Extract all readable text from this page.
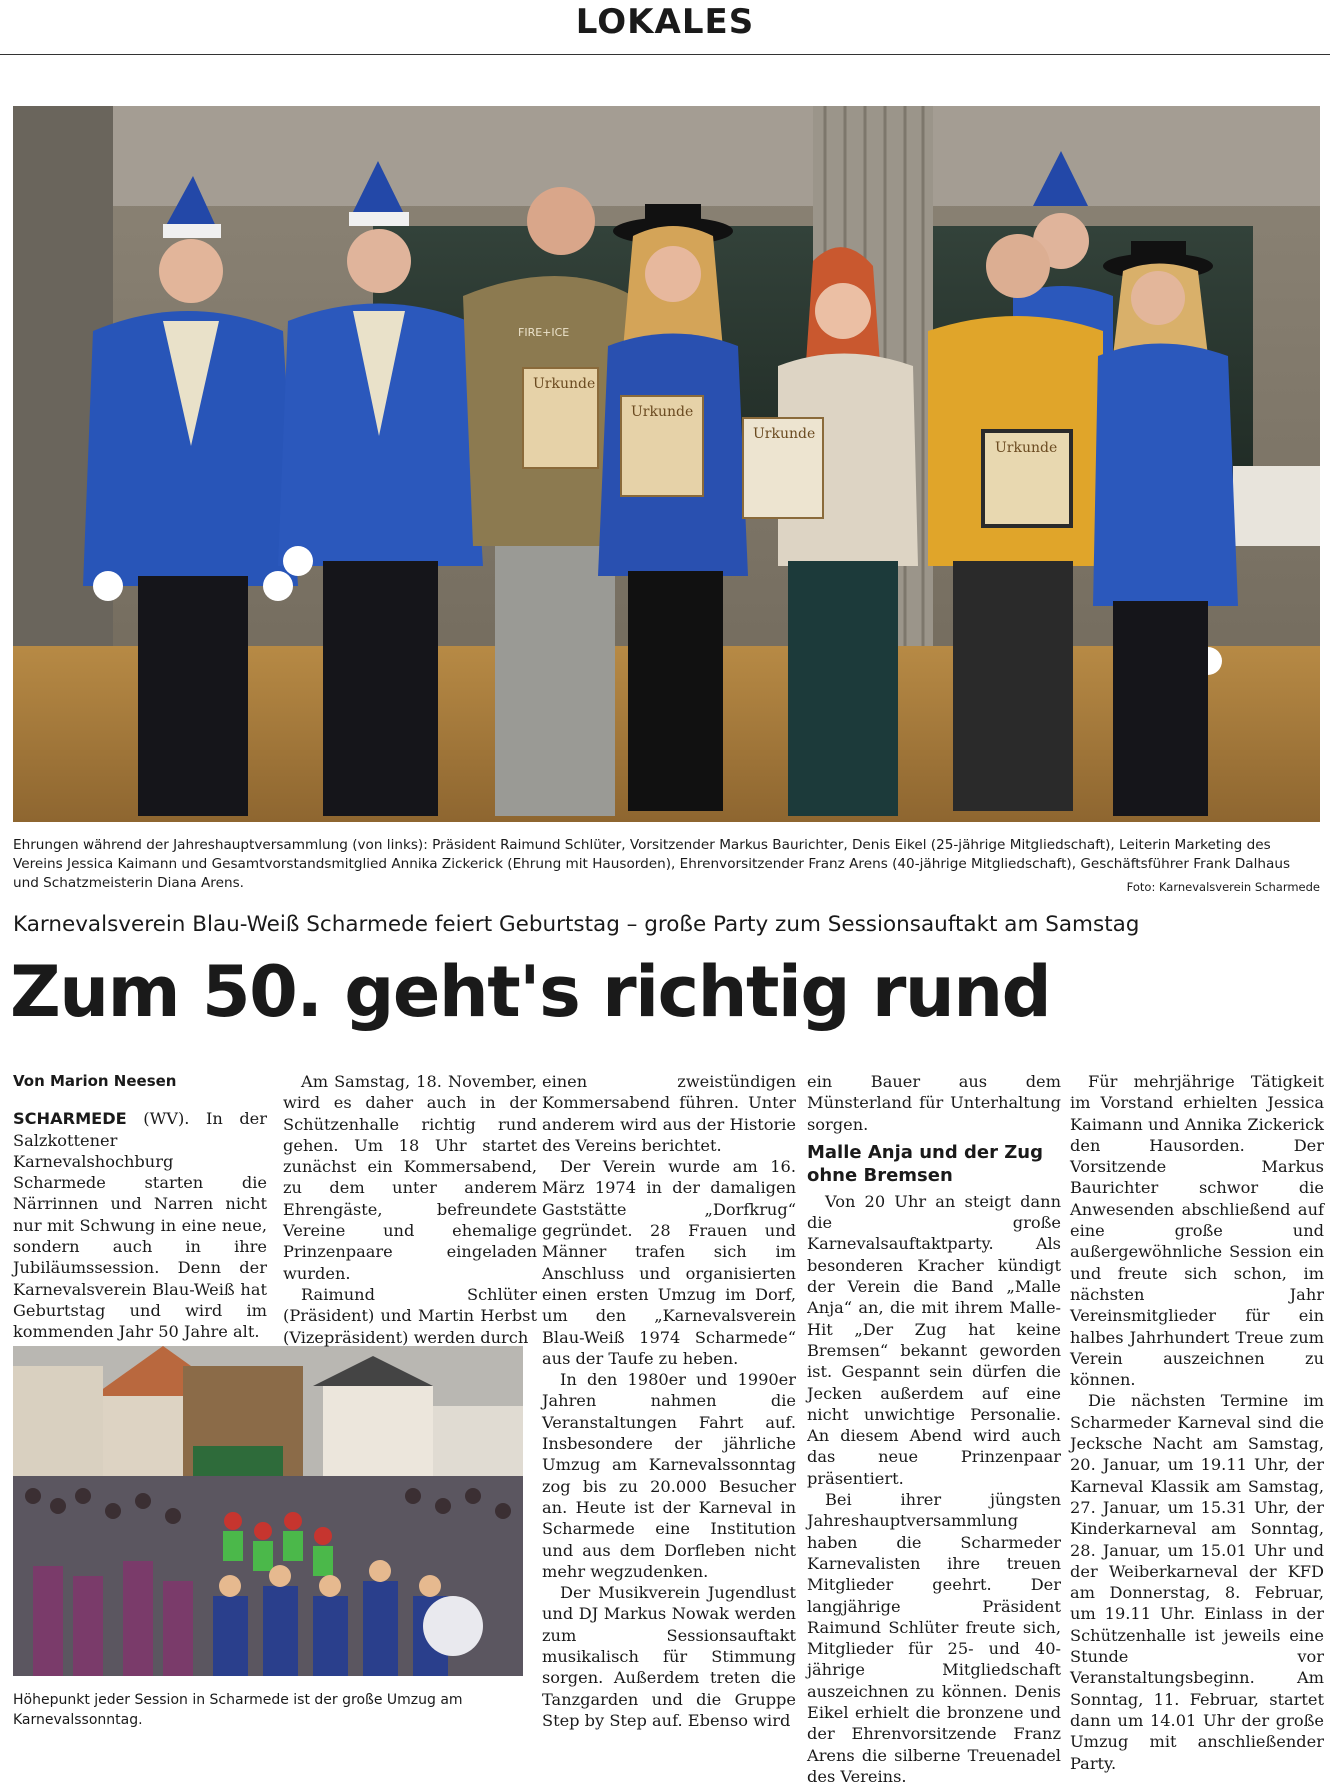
LOKALES
FIRE+ICE
Urkunde
Urkunde
Urkunde
Urkunde
Ehrungen während der Jahreshauptversammlung (von links): Präsident Raimund Schlüter, Vorsitzender Markus Baurichter, Denis Eikel (25-jährige Mitgliedschaft), Leiterin Marketing des Vereins Jessica Kaimann und Gesamtvorstandsmitglied Annika Zickerick (Ehrung mit Hausorden), Ehrenvorsitzender Franz Arens (40-jährige Mitgliedschaft), Geschäftsführer Frank Dalhaus und Schatzmeisterin Diana Arens.	Foto: Karnevalsverein Scharmede
Karnevalsverein Blau-Weiß Scharmede feiert Geburtstag – große Party zum Sessionsauftakt am Samstag
Zum 50. geht's richtig rund

Von Marion Neesen

SCHARMEDE (WV). In der Salzkottener Karnevalshochburg Scharmede starten die Närrinnen und Narren nicht nur mit Schwung in eine neue, sondern auch in ihre Jubiläumssession. Denn der Karnevalsverein Blau-Weiß hat Geburtstag und wird im kommenden Jahr 50 Jahre alt.

Höhepunkt jeder Session in Scharmede ist der große Umzug am Karnevalssonntag.

Am Samstag, 18. November, wird es daher auch in der Schützenhalle richtig rund gehen. Um 18 Uhr startet zunächst ein Kommersabend, zu dem unter anderem Ehrengäste, befreundete Vereine und ehemalige Prinzenpaare eingeladen wurden.

Raimund Schlüter (Präsident) und Martin Herbst (Vizepräsident) werden durch

einen zweistündigen Kommersabend führen. Unter anderem wird aus der Historie des Vereins berichtet.

Der Verein wurde am 16. März 1974 in der damaligen Gaststätte „Dorfkrug“ gegründet. 28 Frauen und Männer trafen sich im Anschluss und organisierten einen ersten Umzug im Dorf, um den „Karnevalsverein Blau-Weiß 1974 Scharmede“ aus der Taufe zu heben.

In den 1980er und 1990er Jahren nahmen die Veranstaltungen Fahrt auf. Insbesondere der jährliche Umzug am Karnevalssonntag zog bis zu 20.000 Besucher an. Heute ist der Karneval in Scharmede eine Institution und aus dem Dorfleben nicht mehr wegzudenken.

Der Musikverein Jugendlust und DJ Markus Nowak werden zum Sessionsauftakt musikalisch für Stimmung sorgen. Außerdem treten die Tanzgarden und die Gruppe Step by Step auf. Ebenso wird

ein Bauer aus dem Münsterland für Unterhaltung sorgen.

Malle Anja und der Zug ohne Bremsen

Von 20 Uhr an steigt dann die große Karnevalsauftaktparty. Als besonderen Kracher kündigt der Verein die Band „Malle Anja“ an, die mit ihrem Malle-Hit „Der Zug hat keine Bremsen“ bekannt geworden ist. Gespannt sein dürfen die Jecken außerdem auf eine nicht unwichtige Personalie. An diesem Abend wird auch das neue Prinzenpaar präsentiert.

Bei ihrer jüngsten Jahreshauptversammlung haben die Scharmeder Karnevalisten ihre treuen Mitglieder geehrt. Der langjährige Präsident Raimund Schlüter freute sich, Mitglieder für 25- und 40-jährige Mitgliedschaft auszeichnen zu können. Denis Eikel erhielt die bronzene und der Ehrenvorsitzende Franz Arens die silberne Treuenadel des Vereins.

Für mehrjährige Tätigkeit im Vorstand erhielten Jessica Kaimann und Annika Zickerick den Hausorden. Der Vorsitzende Markus Baurichter schwor die Anwesenden abschließend auf eine große und außergewöhnliche Session ein und freute sich schon, im nächsten Jahr Vereinsmitglieder für ein halbes Jahrhundert Treue zum Verein auszeichnen zu können.

Die nächsten Termine im Scharmeder Karneval sind die Jecksche Nacht am Samstag, 20. Januar, um 19.11 Uhr, der Karneval Klassik am Samstag, 27. Januar, um 15.31 Uhr, der Kinderkarneval am Sonntag, 28. Januar, um 15.01 Uhr und der Weiberkarneval der KFD am Donnerstag, 8. Februar, um 19.11 Uhr. Einlass in der Schützenhalle ist jeweils eine Stunde vor Veranstaltungsbeginn. Am Sonntag, 11. Februar, startet dann um 14.01 Uhr der große Umzug mit anschließender Party.
